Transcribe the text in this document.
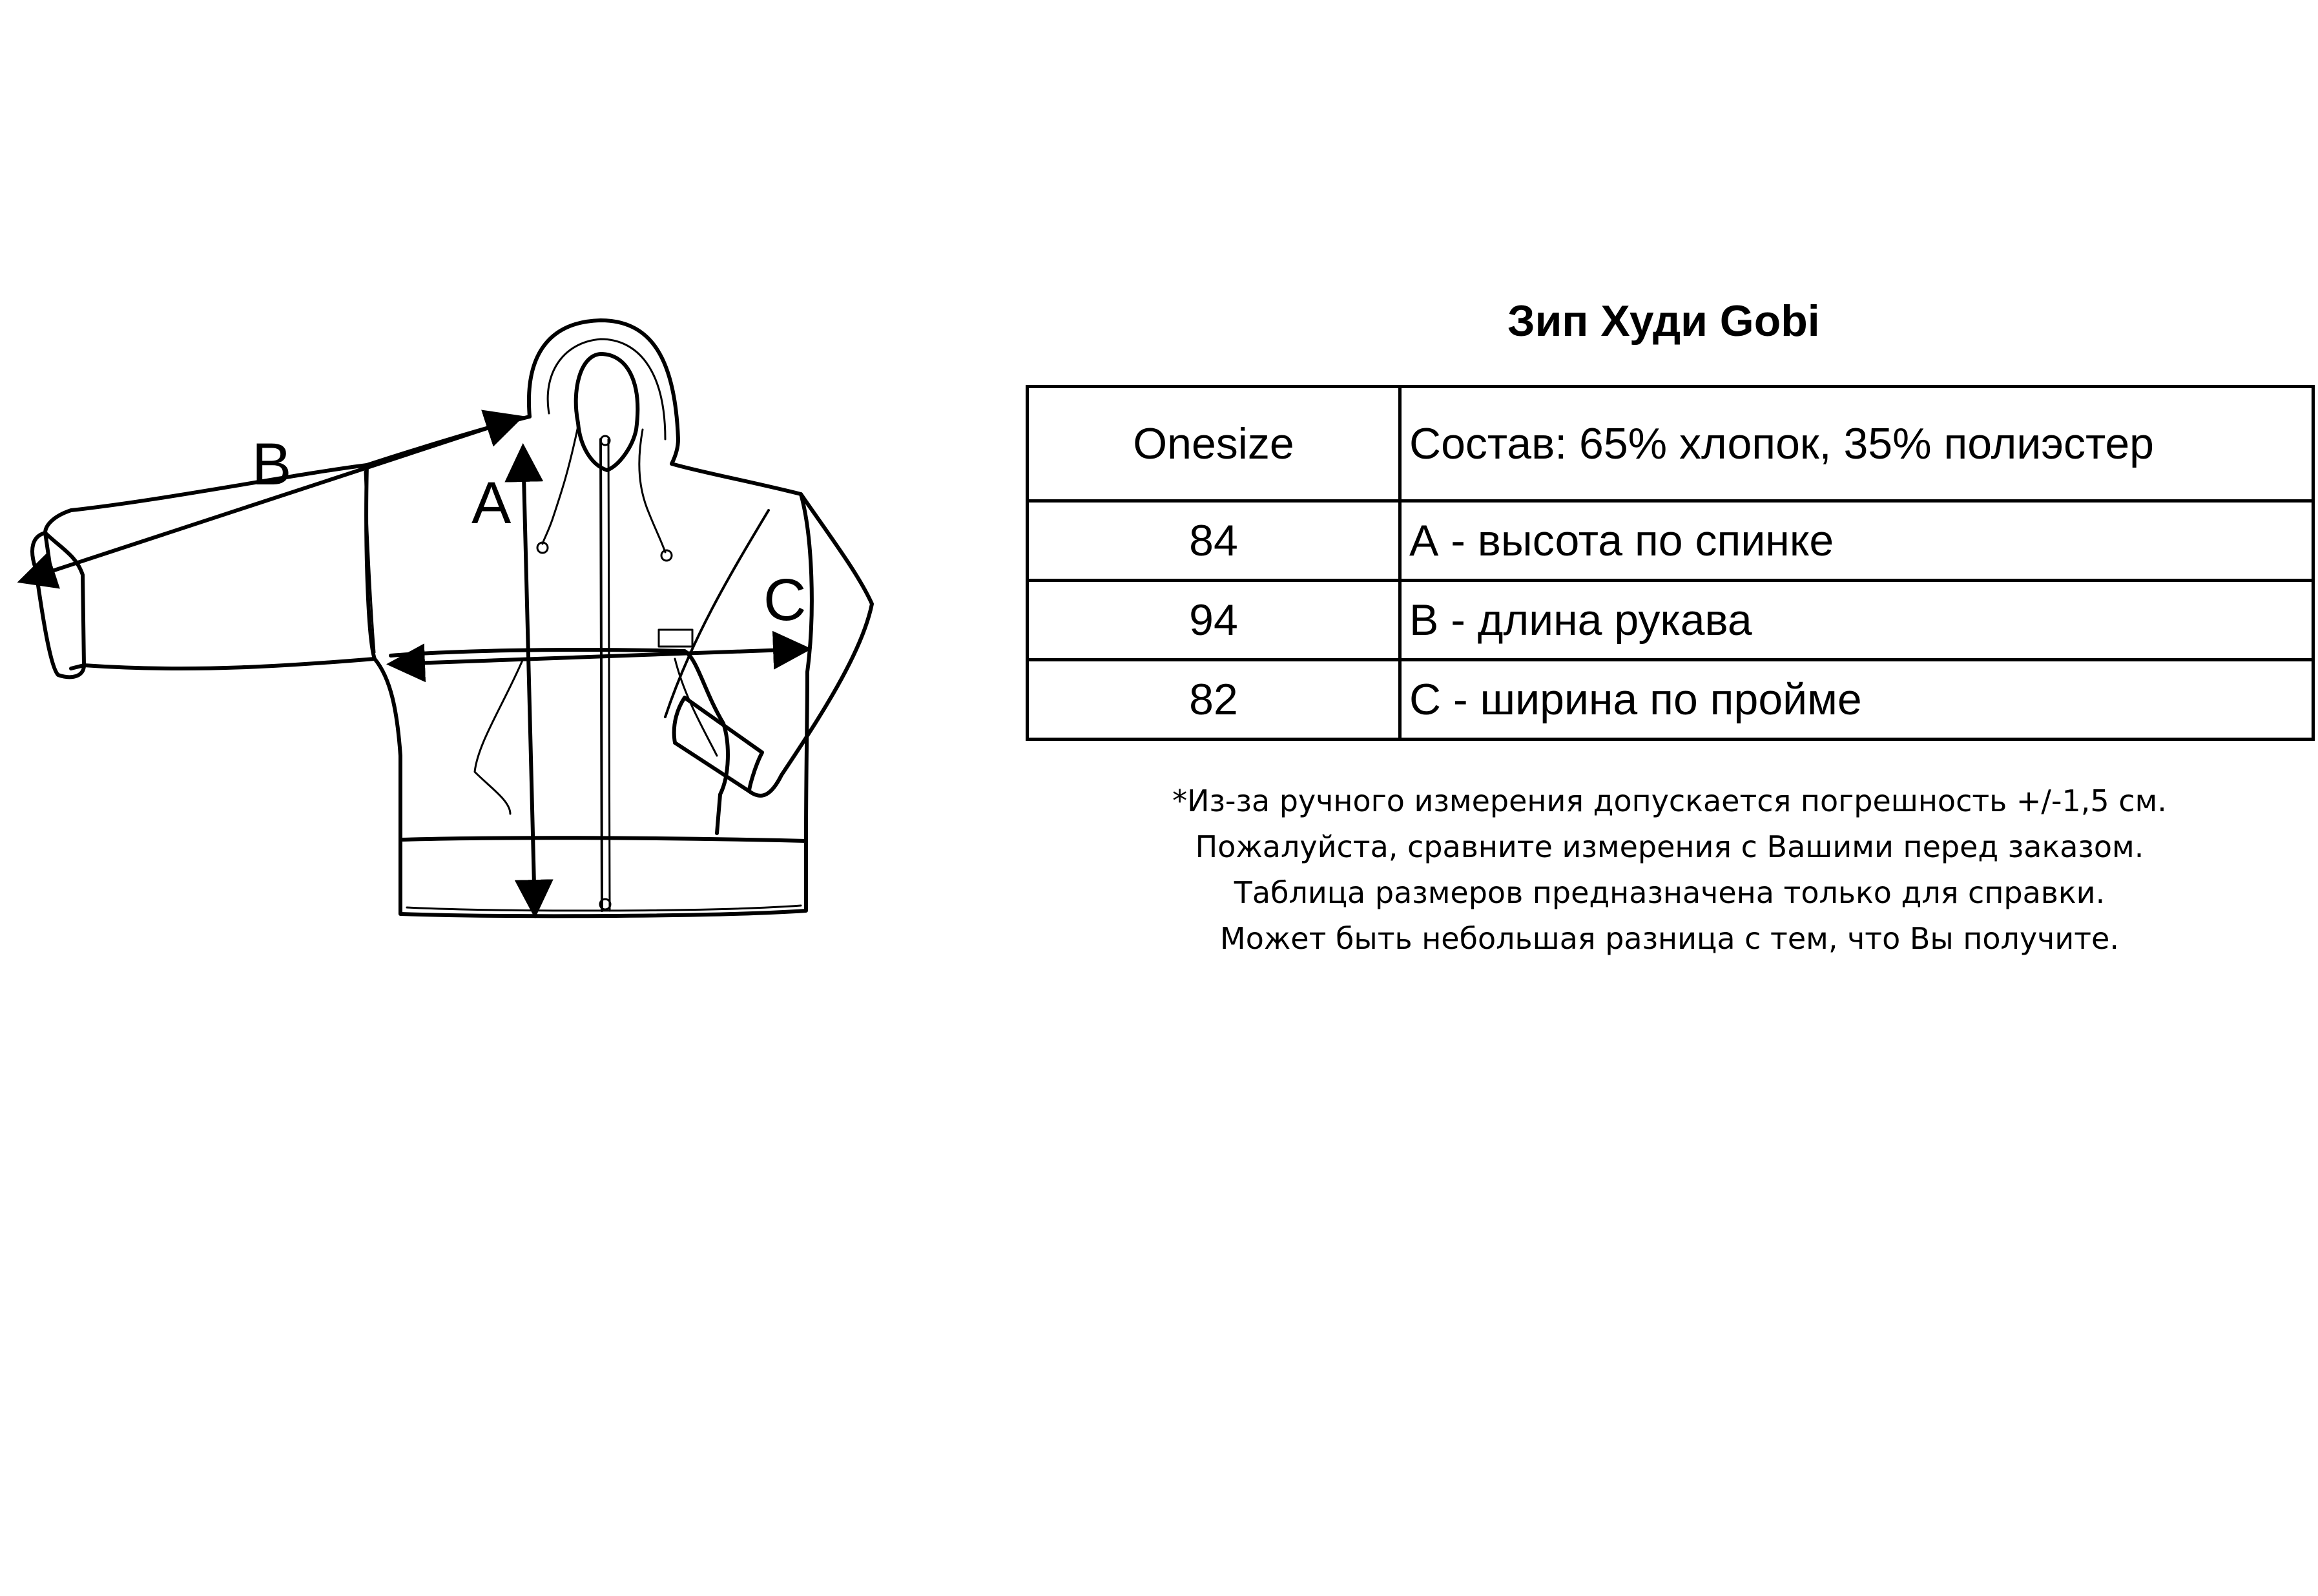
B
A
C
Зип Худи Gobi
Onesize	Состав: 65% хлопок, 35% полиэстер
84	А - высота по спинке
94	В - длина рукава
82	С - ширина по пройме
*Из-за ручного измерения допускается погрешность +/-1,5 см.
Пожалуйста, сравните измерения с Вашими перед заказом.
Таблица размеров предназначена только для справки.
Может быть небольшая разница с тем, что Вы получите.
